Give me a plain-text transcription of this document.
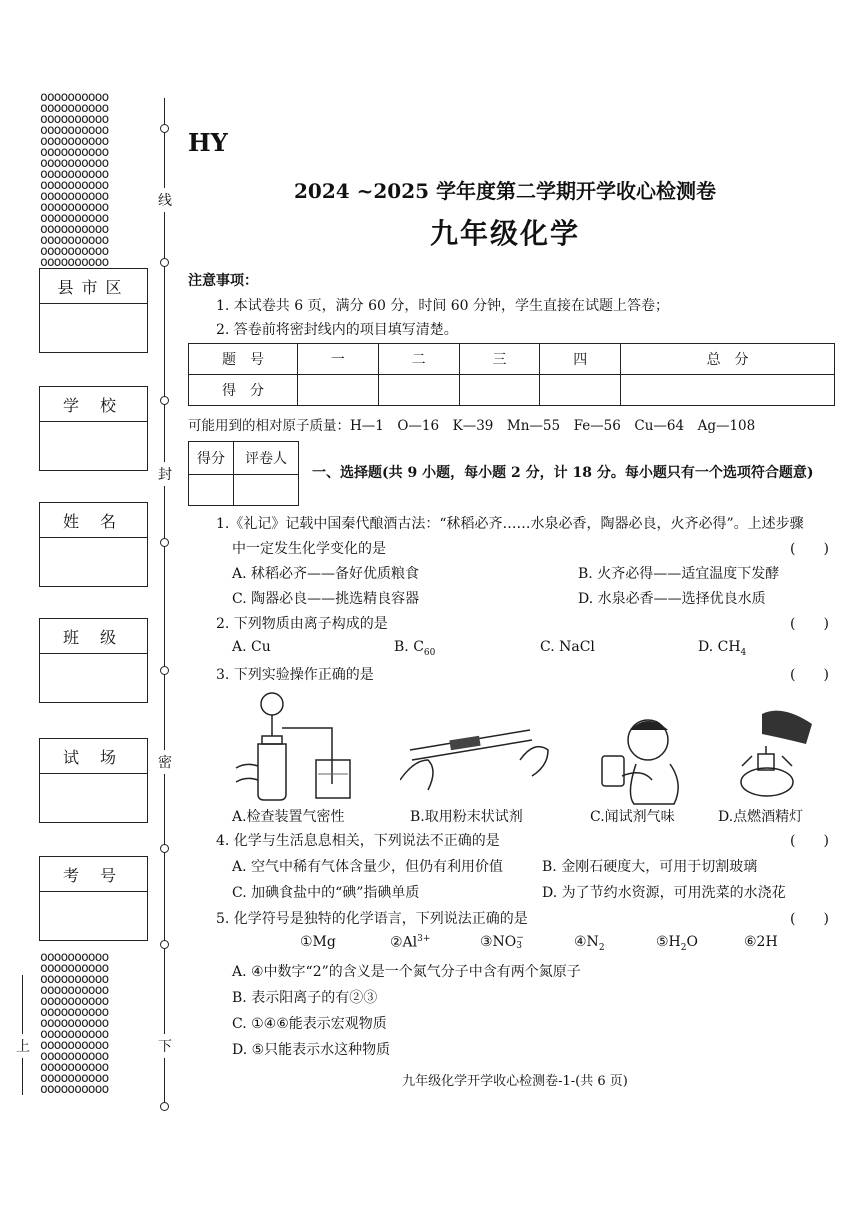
oooooooooo
oooooooooo
oooooooooo
oooooooooo
oooooooooo
oooooooooo
oooooooooo
oooooooooo
oooooooooo
oooooooooo
oooooooooo
oooooooooo
oooooooooo
oooooooooo
oooooooooo
oooooooooo
oooooooooo
oooooooooo
oooooooooo
oooooooooo
oooooooooo
oooooooooo
oooooooooo
oooooooooo
oooooooooo
oooooooooo
oooooooooo
oooooooooo
oooooooooo
线
封
密
下
上
县市区
学 校
姓 名
班 级
试 场
考 号
HY
2024 ~2025 学年度第二学期开学收心检测卷
九年级化学
注意事项：
1. 本试卷共 6 页，满分 60 分，时间 60 分钟，学生直接在试题上答卷；
2. 答卷前将密封线内的项目填写清楚。
题　号	一	二	三	四	总　分
得　分					
可能用到的相对原子质量：H—1　O—16　K—39　Mn—55　Fe—56　Cu—64　Ag—108
得分	评卷人

一、选择题(共 9 小题，每小题 2 分，计 18 分。每小题只有一个选项符合题意)
1.《礼记》记载中国秦代酿酒古法：“秫稻必齐……水泉必香，陶器必良，火齐必得”。上述步骤
中一定发生化学变化的是	(　　)
A. 秫稻必齐——备好优质粮食	B. 火齐必得——适宜温度下发酵
C. 陶器必良——挑选精良容器	D. 水泉必香——选择优良水质
2. 下列物质由离子构成的是	(　　)
A. Cu	B. $C_{60}$	C. NaCl	D. $CH_4$
3. 下列实验操作正确的是	(　　)
A.检查装置气密性	B.取用粉末状试剂	C.闻试剂气味	D.点燃酒精灯
4. 化学与生活息息相关，下列说法不正确的是	(　　)
A. 空气中稀有气体含量少，但仍有利用价值	B. 金刚石硬度大，可用于切割玻璃
C. 加碘食盐中的“碘”指碘单质	D. 为了节约水资源，可用洗菜的水浇花
5. 化学符号是独特的化学语言，下列说法正确的是	(　　)
①Mg	$②Al^{3+}$	③NO−
3	$④N_2$	$⑤H_2O$	⑥2H
A. ④中数字“2”的含义是一个氮气分子中含有两个氮原子
B. 表示阳离子的有②③
C. ①④⑥能表示宏观物质
D. ⑤只能表示水这种物质
九年级化学开学收心检测卷-1-(共 6 页)
